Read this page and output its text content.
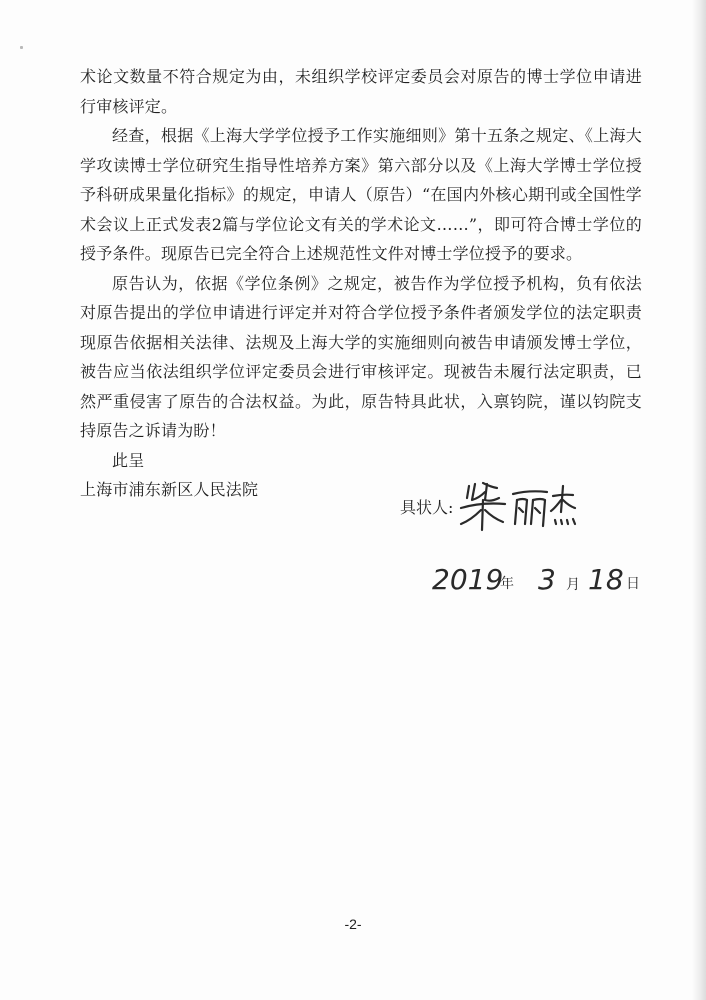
术论文数量不符合规定为由，未组织学校评定委员会对原告的博士学位申请进行审核评定。

经查，根据《上海大学学位授予工作实施细则》第十五条之规定、《上海大学攻读博士学位研究生指导性培养方案》第六部分以及《上海大学博士学位授予科研成果量化指标》的规定，申请人（原告）“在国内外核心期刊或全国性学术会议上正式发表2篇与学位论文有关的学术论文……”，即可符合博士学位的授予条件。现原告已完全符合上述规范性文件对博士学位授予的要求。

原告认为，依据《学位条例》之规定，被告作为学位授予机构，负有依法对原告提出的学位申请进行评定并对符合学位授予条件者颁发学位的法定职责现原告依据相关法律、法规及上海大学的实施细则向被告申请颁发博士学位，被告应当依法组织学位评定委员会进行审核评定。现被告未履行法定职责，已然严重侵害了原告的合法权益。为此，原告特具此状，入禀钧院，谨以钧院支持原告之诉请为盼！

此呈

上海市浦东新区人民法院

具状人:
2019
年 3 月 18 日
-2-
